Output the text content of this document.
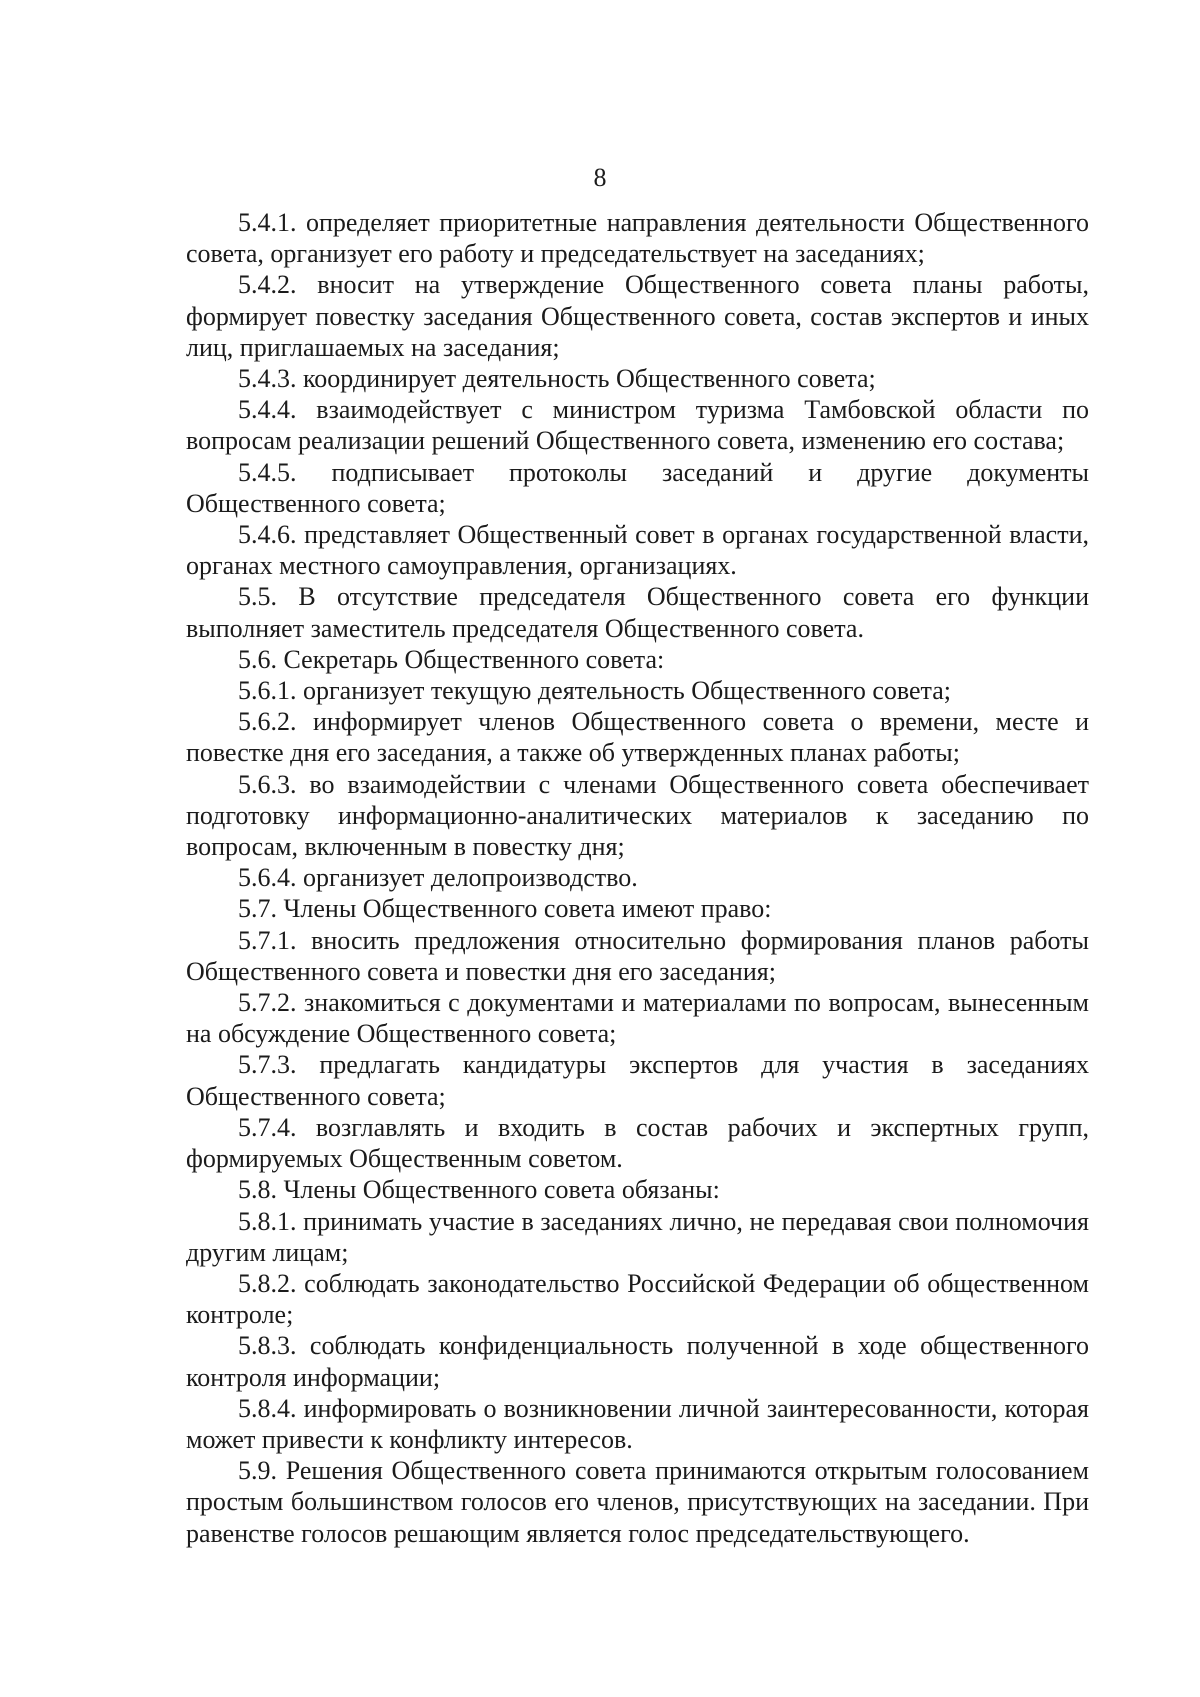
8

5.4.1. определяет приоритетные направления деятельности Общественного совета, организует его работу и председательствует на заседаниях;

5.4.2. вносит на утверждение Общественного совета планы работы, формирует повестку заседания Общественного совета, состав экспертов и иных лиц, приглашаемых на заседания;

5.4.3. координирует деятельность Общественного совета;

5.4.4. взаимодействует с министром туризма Тамбовской области по вопросам реализации решений Общественного совета, изменению его состава;

5.4.5. подписывает протоколы заседаний и другие документы Общественного совета;

5.4.6. представляет Общественный совет в органах государственной власти, органах местного самоуправления, организациях.

5.5. В отсутствие председателя Общественного совета его функции выполняет заместитель председателя Общественного совета.

5.6. Секретарь Общественного совета:

5.6.1. организует текущую деятельность Общественного совета;

5.6.2. информирует членов Общественного совета о времени, месте и повестке дня его заседания, а также об утвержденных планах работы;

5.6.3. во взаимодействии с членами Общественного совета обеспечивает подготовку информационно-аналитических материалов к заседанию по вопросам, включенным в повестку дня;

5.6.4. организует делопроизводство.

5.7. Члены Общественного совета имеют право:

5.7.1. вносить предложения относительно формирования планов работы Общественного совета и повестки дня его заседания;

5.7.2. знакомиться с документами и материалами по вопросам, вынесенным на обсуждение Общественного совета;

5.7.3. предлагать кандидатуры экспертов для участия в заседаниях Общественного совета;

5.7.4. возглавлять и входить в состав рабочих и экспертных групп, формируемых Общественным советом.

5.8. Члены Общественного совета обязаны:

5.8.1. принимать участие в заседаниях лично, не передавая свои полномочия другим лицам;

5.8.2. соблюдать законодательство Российской Федерации об общественном контроле;

5.8.3. соблюдать конфиденциальность полученной в ходе общественного контроля информации;

5.8.4. информировать о возникновении личной заинтересованности, которая может привести к конфликту интересов.

5.9. Решения Общественного совета принимаются открытым голосованием простым большинством голосов его членов, присутствующих на заседании. При равенстве голосов решающим является голос председательствующего.
